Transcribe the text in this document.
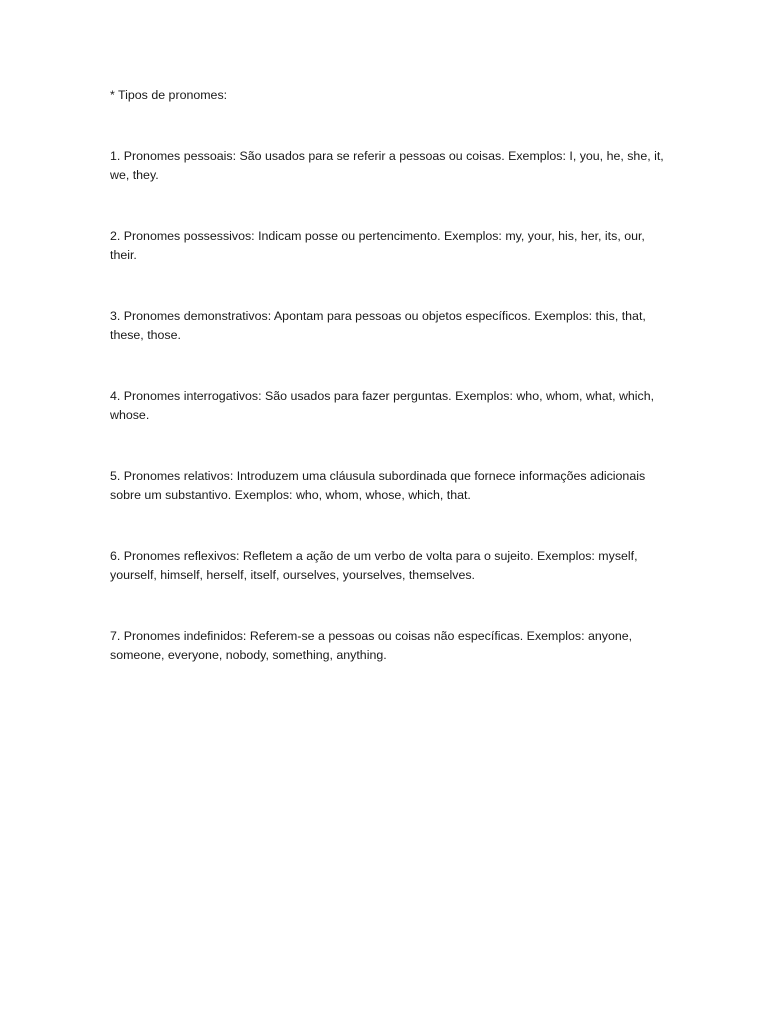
* Tipos de pronomes:

1. Pronomes pessoais: São usados para se referir a pessoas ou coisas. Exemplos: I, you, he, she, it, we, they.

2. Pronomes possessivos: Indicam posse ou pertencimento. Exemplos: my, your, his, her, its, our, their.

3. Pronomes demonstrativos: Apontam para pessoas ou objetos específicos. Exemplos: this, that, these, those.

4. Pronomes interrogativos: São usados para fazer perguntas. Exemplos: who, whom, what, which, whose.

5. Pronomes relativos: Introduzem uma cláusula subordinada que fornece informações adicionais sobre um substantivo. Exemplos: who, whom, whose, which, that.

6. Pronomes reflexivos: Refletem a ação de um verbo de volta para o sujeito. Exemplos: myself, yourself, himself, herself, itself, ourselves, yourselves, themselves.

7. Pronomes indefinidos: Referem-se a pessoas ou coisas não específicas. Exemplos: anyone, someone, everyone, nobody, something, anything.
